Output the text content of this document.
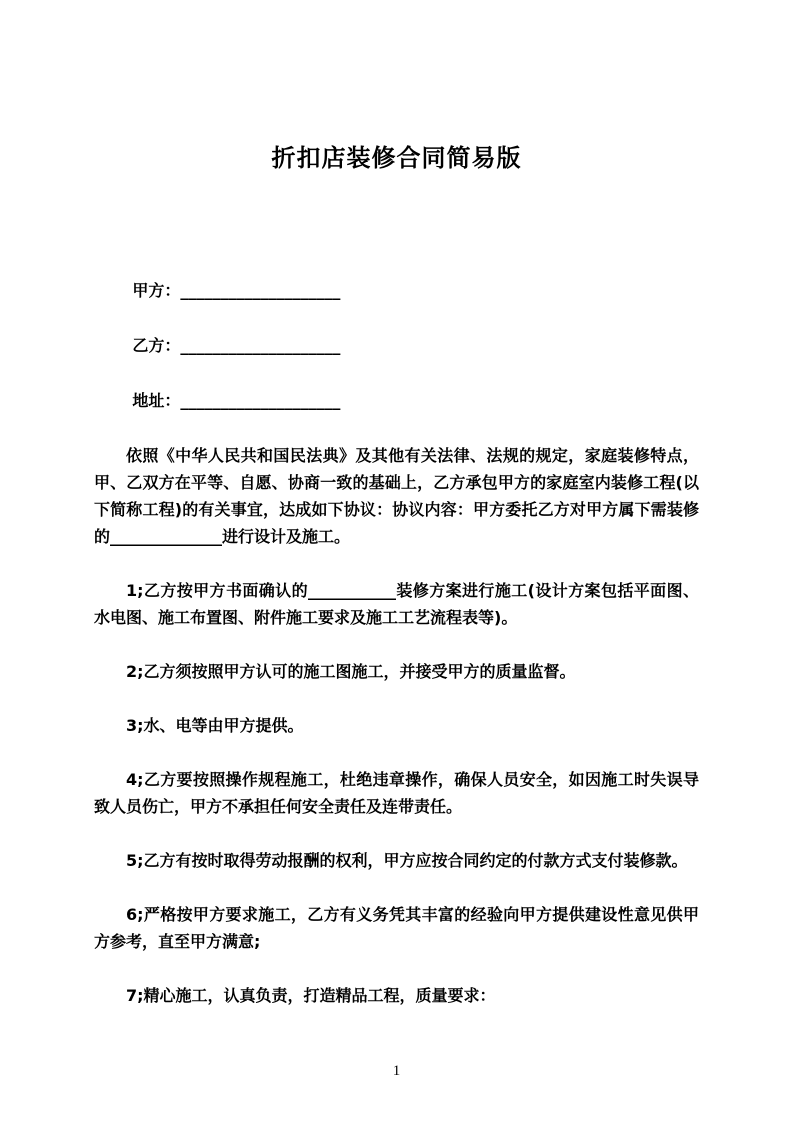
折扣店装修合同简易版

甲方：____________________

乙方：____________________

地址：____________________

依照《中华人民共和国民法典》及其他有关法律、法规的规定，家庭装修特点，甲、乙双方在平等、自愿、协商一致的基础上，乙方承包甲方的家庭室内装修工程(以下简称工程)的有关事宜，达成如下协议：协议内容：甲方委托乙方对甲方属下需装修的______________进行设计及施工。

1;乙方按甲方书面确认的___________装修方案进行施工(设计方案包括平面图、水电图、施工布置图、附件施工要求及施工工艺流程表等)。

2;乙方须按照甲方认可的施工图施工，并接受甲方的质量监督。

3;水、电等由甲方提供。

4;乙方要按照操作规程施工，杜绝违章操作，确保人员安全，如因施工时失误导致人员伤亡，甲方不承担任何安全责任及连带责任。

5;乙方有按时取得劳动报酬的权利，甲方应按合同约定的付款方式支付装修款。

6;严格按甲方要求施工，乙方有义务凭其丰富的经验向甲方提供建设性意见供甲方参考，直至甲方满意;

7;精心施工，认真负责，打造精品工程，质量要求：

1
